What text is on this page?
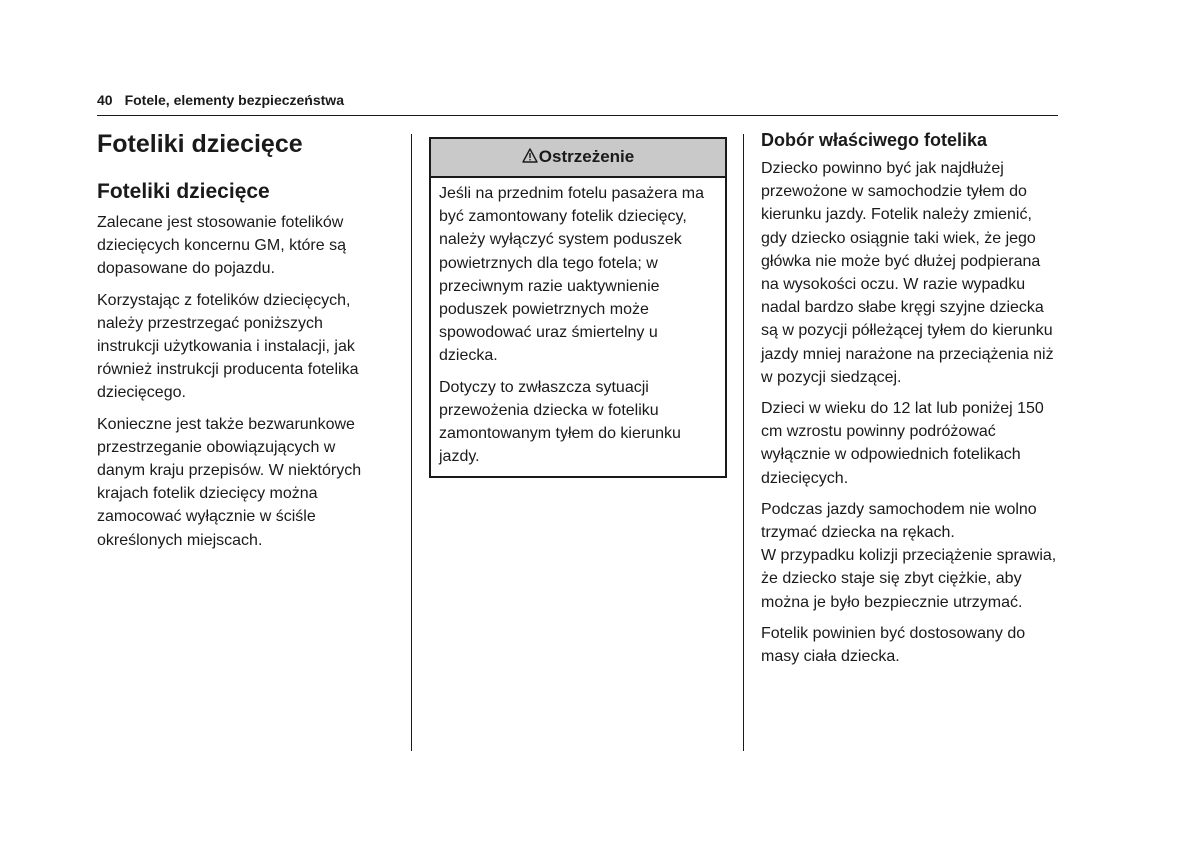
40 Fotele, elementy bezpieczeństwa
Foteliki dziecięce
Foteliki dziecięce

Zalecane jest stosowanie fotelików dziecięcych koncernu GM, które są dopasowane do pojazdu.

Korzystając z fotelików dziecięcych, należy przestrzegać poniższych instrukcji użytkowania i instalacji, jak również instrukcji producenta fotelika dziecięcego.

Konieczne jest także bezwarunkowe przestrzeganie obowiązujących w danym kraju przepisów. W niektórych krajach fotelik dziecięcy można zamocować wyłącznie w ściśle określonych miejscach.

Ostrzeżenie

Jeśli na przednim fotelu pasażera ma być zamontowany fotelik dziecięcy, należy wyłączyć system poduszek powietrznych dla tego fotela; w przeciwnym razie uaktywnienie poduszek powietrznych może spowodować uraz śmiertelny u dziecka.

Dotyczy to zwłaszcza sytuacji przewożenia dziecka w foteliku zamontowanym tyłem do kierunku jazdy.

Dobór właściwego fotelika

Dziecko powinno być jak najdłużej przewożone w samochodzie tyłem do kierunku jazdy. Fotelik należy zmienić, gdy dziecko osiągnie taki wiek, że jego główka nie może być dłużej podpierana na wysokości oczu. W razie wypadku nadal bardzo słabe kręgi szyjne dziecka są w pozycji półleżącej tyłem do kierunku jazdy mniej narażone na przeciążenia niż w pozycji siedzącej.

Dzieci w wieku do 12 lat lub poniżej 150 cm wzrostu powinny podróżować wyłącznie w odpowiednich fotelikach dziecięcych.

Podczas jazdy samochodem nie wolno trzymać dziecka na rękach.

W przypadku kolizji przeciążenie sprawia, że dziecko staje się zbyt ciężkie, aby można je było bezpiecznie utrzymać.

Fotelik powinien być dostosowany do masy ciała dziecka.
